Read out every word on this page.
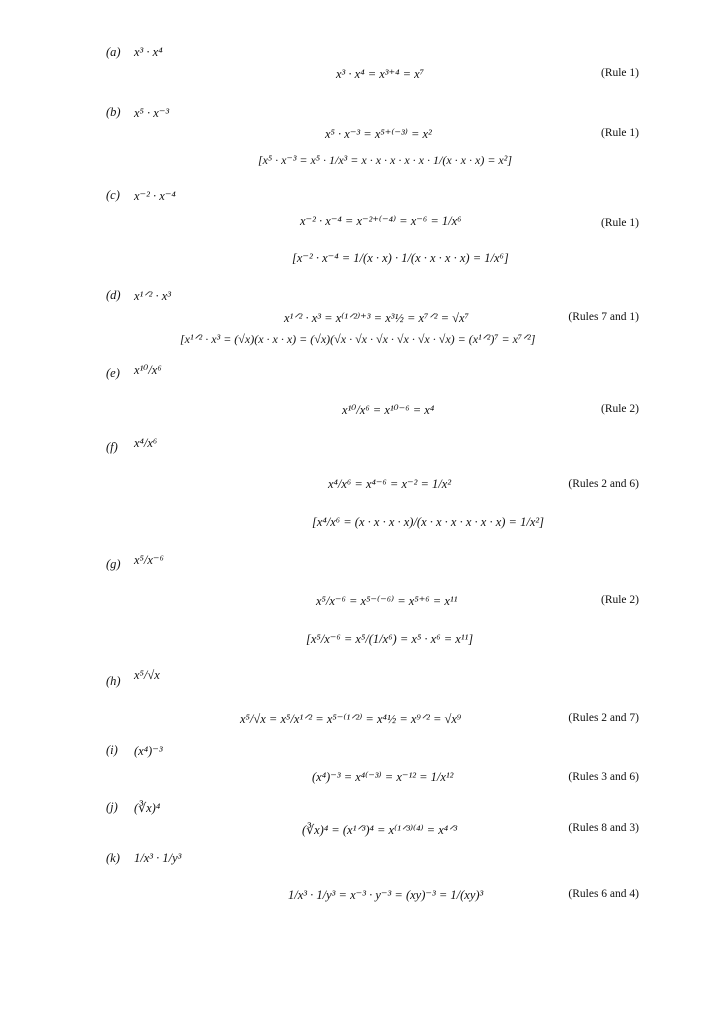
(a) x³ · x⁴
x³ · x⁴ = x³⁺⁴ = x⁷	(Rule 1)
(b) x⁵ · x⁻³
x⁵ · x⁻³ = x⁵⁺⁽⁻³⁾ = x²	(Rule 1)
[x⁵ · x⁻³ = x⁵ · 1/x³ = x · x · x · x · x · 1/(x · x · x) = x²]
(c) x⁻² · x⁻⁴
x⁻² · x⁻⁴ = x⁻²⁺⁽⁻⁴⁾ = x⁻⁶ = 1/x⁶	(Rule 1)
[x⁻² · x⁻⁴ = 1/(x · x) · 1/(x · x · x · x) = 1/x⁶]
(d) x¹ᐟ² · x³
x¹ᐟ² · x³ = x⁽¹ᐟ²⁾⁺³ = x³½ = x⁷ᐟ² = √x⁷	(Rules 7 and 1)
[x¹ᐟ² · x³ = (√x)(x · x · x) = (√x)(√x · √x · √x · √x · √x · √x) = (x¹ᐟ²)⁷ = x⁷ᐟ²]
(e) x¹⁰/x⁶
x¹⁰/x⁶ = x¹⁰⁻⁶ = x⁴	(Rule 2)
(f) x⁴/x⁶
x⁴/x⁶ = x⁴⁻⁶ = x⁻² = 1/x²	(Rules 2 and 6)
[x⁴/x⁶ = (x · x · x · x)/(x · x · x · x · x · x) = 1/x²]
(g) x⁵/x⁻⁶
x⁵/x⁻⁶ = x⁵⁻⁽⁻⁶⁾ = x⁵⁺⁶ = x¹¹	(Rule 2)
[x⁵/x⁻⁶ = x⁵/(1/x⁶) = x⁵ · x⁶ = x¹¹]
(h) x⁵/√x
x⁵/√x = x⁵/x¹ᐟ² = x⁵⁻⁽¹ᐟ²⁾ = x⁴½ = x⁹ᐟ² = √x⁹	(Rules 2 and 7)
(i) (x⁴)⁻³
(x⁴)⁻³ = x⁴⁽⁻³⁾ = x⁻¹² = 1/x¹²	(Rules 3 and 6)
(j) (∛x)⁴
(∛x)⁴ = (x¹ᐟ³)⁴ = x⁽¹ᐟ³⁾⁽⁴⁾ = x⁴ᐟ³	(Rules 8 and 3)
(k) 1/x³ · 1/y³
1/x³ · 1/y³ = x⁻³ · y⁻³ = (xy)⁻³ = 1/(xy)³	(Rules 6 and 4)
